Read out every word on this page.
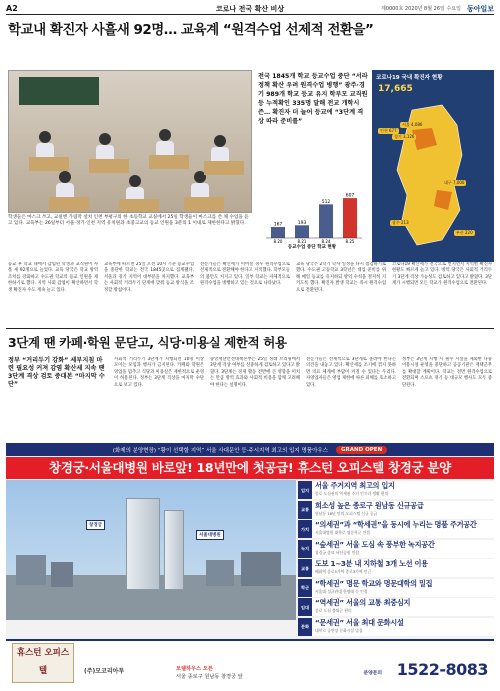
A2	코로나 전국 확산 비상	제0000호 2020년 8월 26일 수요일 동아일보
학교내 확진자 사흘새 92명… 교육계 “원격수업 선제적 전환을”
학생들은 마스크 쓰고, 교실엔 가림막 설치 인천 부평구의 한 초등학교 교실에서 25일 학생들이 마스크를 쓴 채 수업을 듣고 있다. 교육부는 26일부터 서울·경기·인천 지역 유치원과 초중고교의 등교 인원을 3분의 1 이내로 제한한다고 밝혔다.
전국 1845개 학교 등교수업 중단 “서라정책 확산 우려 원격수업 병행” 광주·경기 989개 학교 등교 유지 학부모 교직원 등 누적확인 335명 달해 전교 개학시즌… 확진자 더 늘어 등교에 “3단계 격상 따라 준비를”
등교수업 중단 학교 현황
167
8.20
193
8.21
512
8.24
607
8.25
코로나19 국내 확진자 현황
17,665
서울 4,086
경기 3,126
인천 677
대구 7,000
부산 220
광주 213
등교 후 학교 내에서 감염된 학생과 교직원이 사흘 새 92명으로 늘었다. 교육 당국은 학교 방역 조치를 강화하고 수도권 학교의 등교 인원을 제한하기로 했다. 지역 사회 감염이 확산하면서 학생 확진자 수도 계속 늘고 있다.
교육부에 따르면 25일 오전 10시 기준 등교수업을 중단한 학교는 전국 1845곳으로 집계됐다. 서울과 경기 지역이 대부분을 차지했다. 교육부는 사회적 거리두기 단계에 맞춰 등교 방식을 조정할 방침이다.
전문가들은 확산세가 이어질 경우 원격수업으로 선제적으로 전환해야 한다고 지적했다. 학부모들의 불안도 커지고 있다. 일부 학교는 자체적으로 원격수업을 병행하고 있는 것으로 나타났다.
교육 당국은 2학기 학사 일정을 다시 점검하기로 했다. 수도권 고등학교 3학년은 대입 준비를 위해 매일 등교를 유지하되 방역 수칙을 철저히 지키도록 했다. 확진자 발생 학교는 즉시 원격수업으로 전환된다.
코로나19 확산세가 전국으로 번지면서 지역별 확진자 현황도 빠르게 늘고 있다. 방역 당국은 사회적 거리두기 3단계 격상 가능성도 검토하고 있다고 밝혔다. 3단계가 시행되면 모든 학교가 원격수업으로 전환된다.
3단계 땐 카페·학원 문닫고, 식당·미용실 제한적 허용
정부 “거리두기 강화” 세부지침 마련 필요성 커져 감염 확산세 지속 땐 3단계 격상 검토 중대본 “마지막 수단”
사회적 거리두기 3단계가 시행되면 10명 이상 모이는 모임과 행사가 금지된다. 카페와 학원은 영업을 멈추고 식당과 미용실은 제한적으로 운영이 허용된다. 정부는 3단계 격상을 마지막 수단으로 보고 있다.
중앙재난안전대책본부는 25일 정례 브리핑에서 3단계 격상 여부를 신중하게 검토하고 있다고 밝혔다. 3단계는 경제 활동 전반에 큰 영향을 미치는 만큼 방역 효과와 사회적 비용을 함께 고려해야 한다는 설명이다.
전문가들은 선제적으로 3단계로 올려야 한다는 의견을 내놓고 있다. 확산세를 조기에 꺾지 못하면 의료 체계에 부담이 커질 수 있다는 우려다. 자영업자들은 영업 제한에 따른 피해를 호소하고 있다.
정부는 3단계 시행 시 필수 시설을 제외한 다중이용시설 운영을 중단하고 공공기관은 재택근무를 확대할 계획이다. 학교는 전면 원격수업으로 전환되며 스포츠 경기 등 대규모 행사도 모두 중단된다.
(화제의 분양현장) “황이 선택할 지역” 서울 사대문안 등·주시지역 최고의 입지 명품아우스	GRAND OPEN
창경궁·서울대병원 바로앞! 18년만에 첫공급! 휴스턴 오피스텔 창경궁 분양
창경궁
서울대병원
입지 서울 주거지역 최고의 입지
종로 도심권의 역세권 주거 인프라 생활 편의
교통 희소성 높은 종로구 원남동 신규공급
원남동 18년 만의 오피스텔 신규 공급
가치 “의세권”과 “학세권”을 동시에 누리는 명품 주거공간
서울대병원 대학로 명문학군 인접
녹지 “숲세권” 서울 도심 속 풍부한 녹지공간
창경궁 종묘 낙산공원 인접
교통 도보 1~3분 내 지하철 3개 노선 이용
혜화역 종로5가역 종로3가역 인근
학군 “학세권” 명문 학교와 명문대학의 밀집
서울대 성균관대 한양대 등 인접
임대 “역세권” 서울의 교통 최중심지
종로 도심 출퇴근 편리
문화 “문세권” 서울 최대 문화시설
대학로 공연장 문화시설 밀집
휴스턴 오피스텔	(주)모코리아투	모델하우스 오픈
서울 종로구 원남동 창경궁 앞
분양문의 1522-8083
